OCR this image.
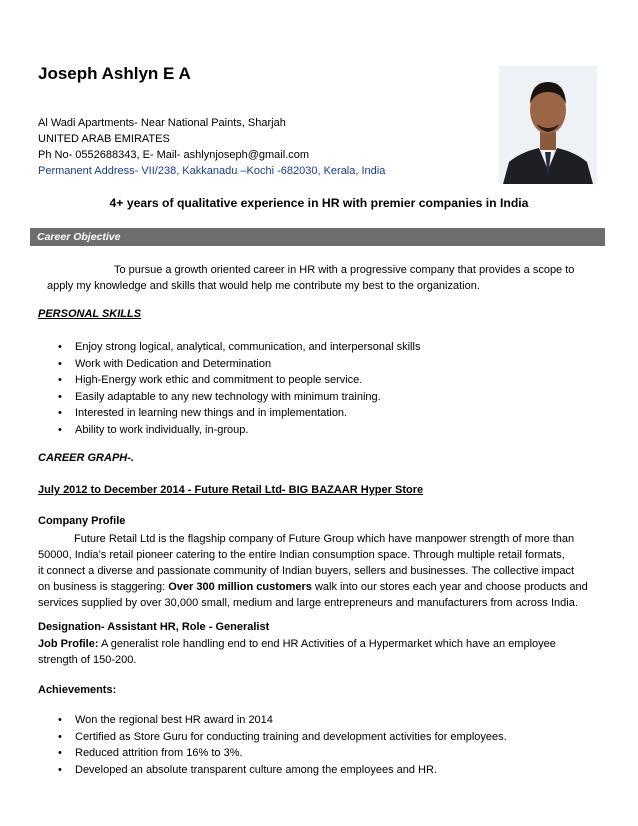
Joseph Ashlyn E A
Al Wadi Apartments- Near National Paints, Sharjah
UNITED ARAB EMIRATES
Ph No- 0552688343, E- Mail- ashlynjoseph@gmail.com
Permanent Address- VII/238, Kakkanadu –Kochi -682030, Kerala, India
4+ years of qualitative experience in HR with premier companies in India
Career Objective
To pursue a growth oriented career in HR with a progressive company that provides a scope to
apply my knowledge and skills that would help me contribute my best to the organization.
PERSONAL SKILLS
• Enjoy strong logical, analytical, communication, and interpersonal skills
• Work with Dedication and Determination
• High-Energy work ethic and commitment to people service.
• Easily adaptable to any new technology with minimum training.
• Interested in learning new things and in implementation.
• Ability to work individually, in-group.
CAREER GRAPH-.
July 2012 to December 2014 - Future Retail Ltd- BIG BAZAAR Hyper Store
Company Profile
Future Retail Ltd is the flagship company of Future Group which have manpower strength of more than
50000, India’s retail pioneer catering to the entire Indian consumption space. Through multiple retail formats,
it connect a diverse and passionate community of Indian buyers, sellers and businesses. The collective impact
on business is staggering: Over 300 million customers walk into our stores each year and choose products and
services supplied by over 30,000 small, medium and large entrepreneurs and manufacturers from across India.
Designation- Assistant HR, Role - Generalist
Job Profile: A generalist role handling end to end HR Activities of a Hypermarket which have an employee
strength of 150-200.
Achievements:
• Won the regional best HR award in 2014
• Certified as Store Guru for conducting training and development activities for employees.
• Reduced attrition from 16% to 3%.
• Developed an absolute transparent culture among the employees and HR.
